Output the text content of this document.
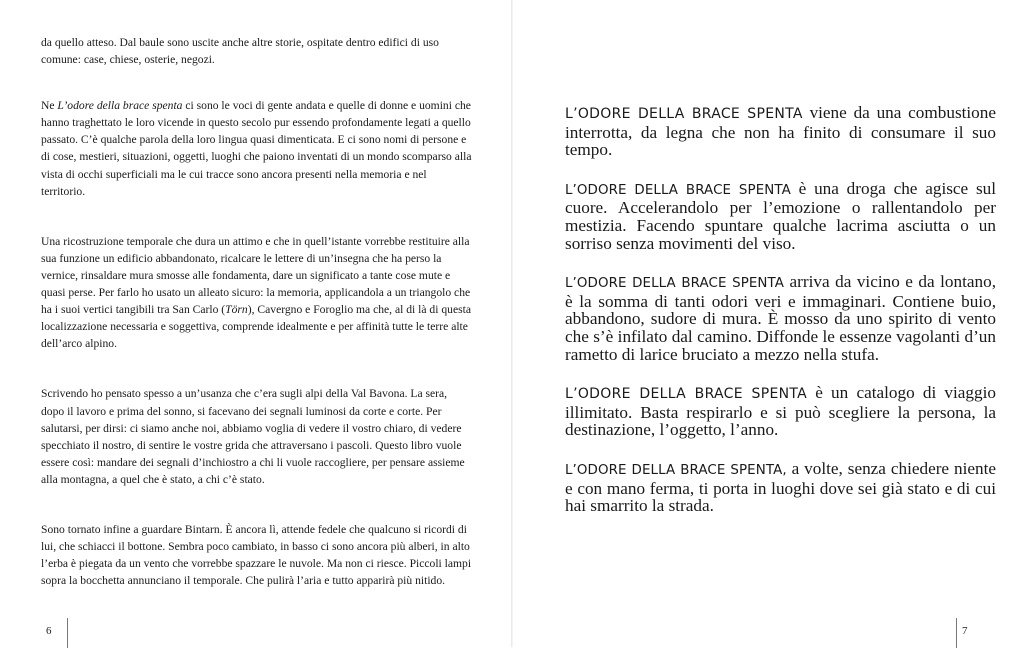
da quello atteso. Dal baule sono uscite anche altre storie, ospitate dentro edifici di uso comune: case, chiese, osterie, negozi.

Ne L’odore della brace spenta ci sono le voci di gente andata e quelle di donne e uomini che hanno traghettato le loro vicende in questo secolo pur essendo profondamente legati a quello passato. C’è qualche parola della loro lingua quasi dimenticata. E ci sono nomi di persone e di cose, mestieri, situazioni, oggetti, luoghi che paiono inventati di un mondo scomparso alla vista di occhi superficiali ma le cui tracce sono ancora presenti nella memoria e nel territorio.

Una ricostruzione temporale che dura un attimo e che in quell’istante vorrebbe restituire alla sua funzione un edificio abbandonato, ricalcare le lettere di un’insegna che ha perso la vernice, rinsaldare mura smosse alle fondamenta, dare un significato a tante cose mute e quasi perse. Per farlo ho usato un alleato sicuro: la memoria, applicandola a un triangolo che ha i suoi vertici tangibili tra San Carlo (Törn), Cavergno e Foroglio ma che, al di là di questa localizzazione necessaria e soggettiva, comprende idealmente e per affinità tutte le terre alte dell’arco alpino.

Scrivendo ho pensato spesso a un’usanza che c’era sugli alpi della Val Bavona. La sera, dopo il lavoro e prima del sonno, si facevano dei segnali luminosi da corte e corte. Per salutarsi, per dirsi: ci siamo anche noi, abbiamo voglia di vedere il vostro chiaro, di vedere specchiato il nostro, di sentire le vostre grida che attraversano i pascoli. Questo libro vuole essere così: mandare dei segnali d’inchiostro a chi li vuole raccogliere, per pensare assieme alla montagna, a quel che è stato, a chi c’è stato.

Sono tornato infine a guardare Bintarn. È ancora lì, attende fedele che qualcuno si ricordi di lui, che schiacci il bottone. Sembra poco cambiato, in basso ci sono ancora più alberi, in alto l’erba è piegata da un vento che vorrebbe spazzare le nuvole. Ma non ci riesce. Piccoli lampi sopra la bocchetta annunciano il temporale. Che pulirà l’aria e tutto apparirà più nitido.

6

L’ODORE DELLA BRACE SPENTA viene da una combustione interrotta, da legna che non ha finito di consumare il suo tempo.

L’ODORE DELLA BRACE SPENTA è una droga che agisce sul cuore. Accelerandolo per l’emozione o rallentandolo per mestizia. Facendo spuntare qualche lacrima asciutta o un sorriso senza movimenti del viso.

L’ODORE DELLA BRACE SPENTA arriva da vicino e da lontano, è la somma di tanti odori veri e immaginari. Contiene buio, abbandono, sudore di mura. È mosso da uno spirito di vento che s’è infilato dal camino. Diffonde le essenze vagolanti d’un rametto di larice bruciato a mezzo nella stufa.

L’ODORE DELLA BRACE SPENTA è un catalogo di viaggio illimitato. Basta respirarlo e si può scegliere la persona, la destinazione, l’oggetto, l’anno.

L’ODORE DELLA BRACE SPENTA, a volte, senza chiedere niente e con mano ferma, ti porta in luoghi dove sei già stato e di cui hai smarrito la strada.

7
